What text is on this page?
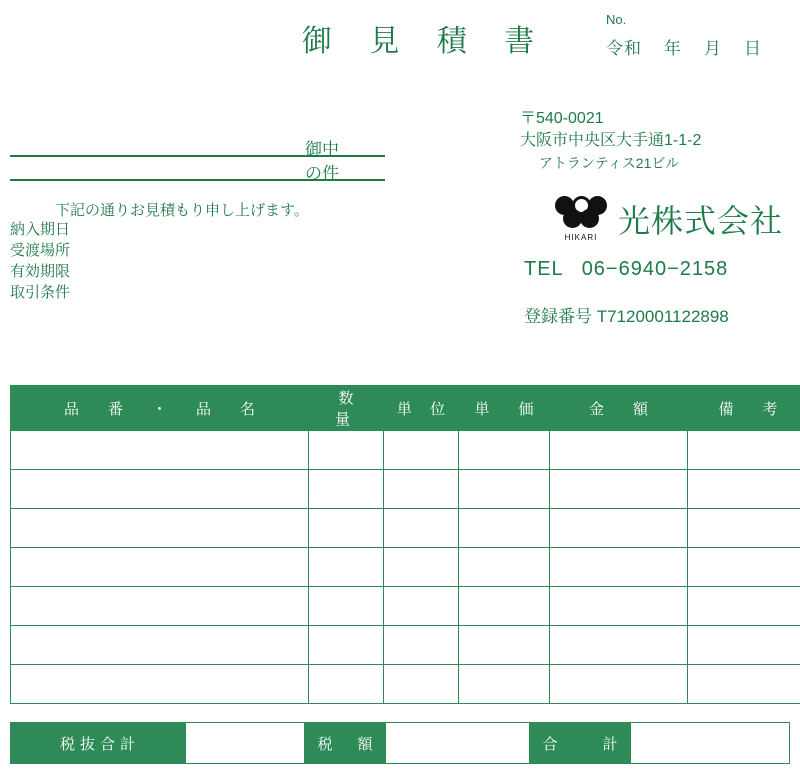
御 見 積 書
No.
令和 年 月 日
御中
の件
下記の通りお見積もり申し上げます。
納入期日
受渡場所
有効期限
取引条件
〒540-0021
大阪市中央区大手通1-1-2
アトランティス21ビル
HIKARI 光株式会社
TEL 06−6940−2158
登録番号 T7120001122898
品　番　・　品　名	数　量	単 位	単　価	金　額	備　考

税抜合計	税　額	合　　計
